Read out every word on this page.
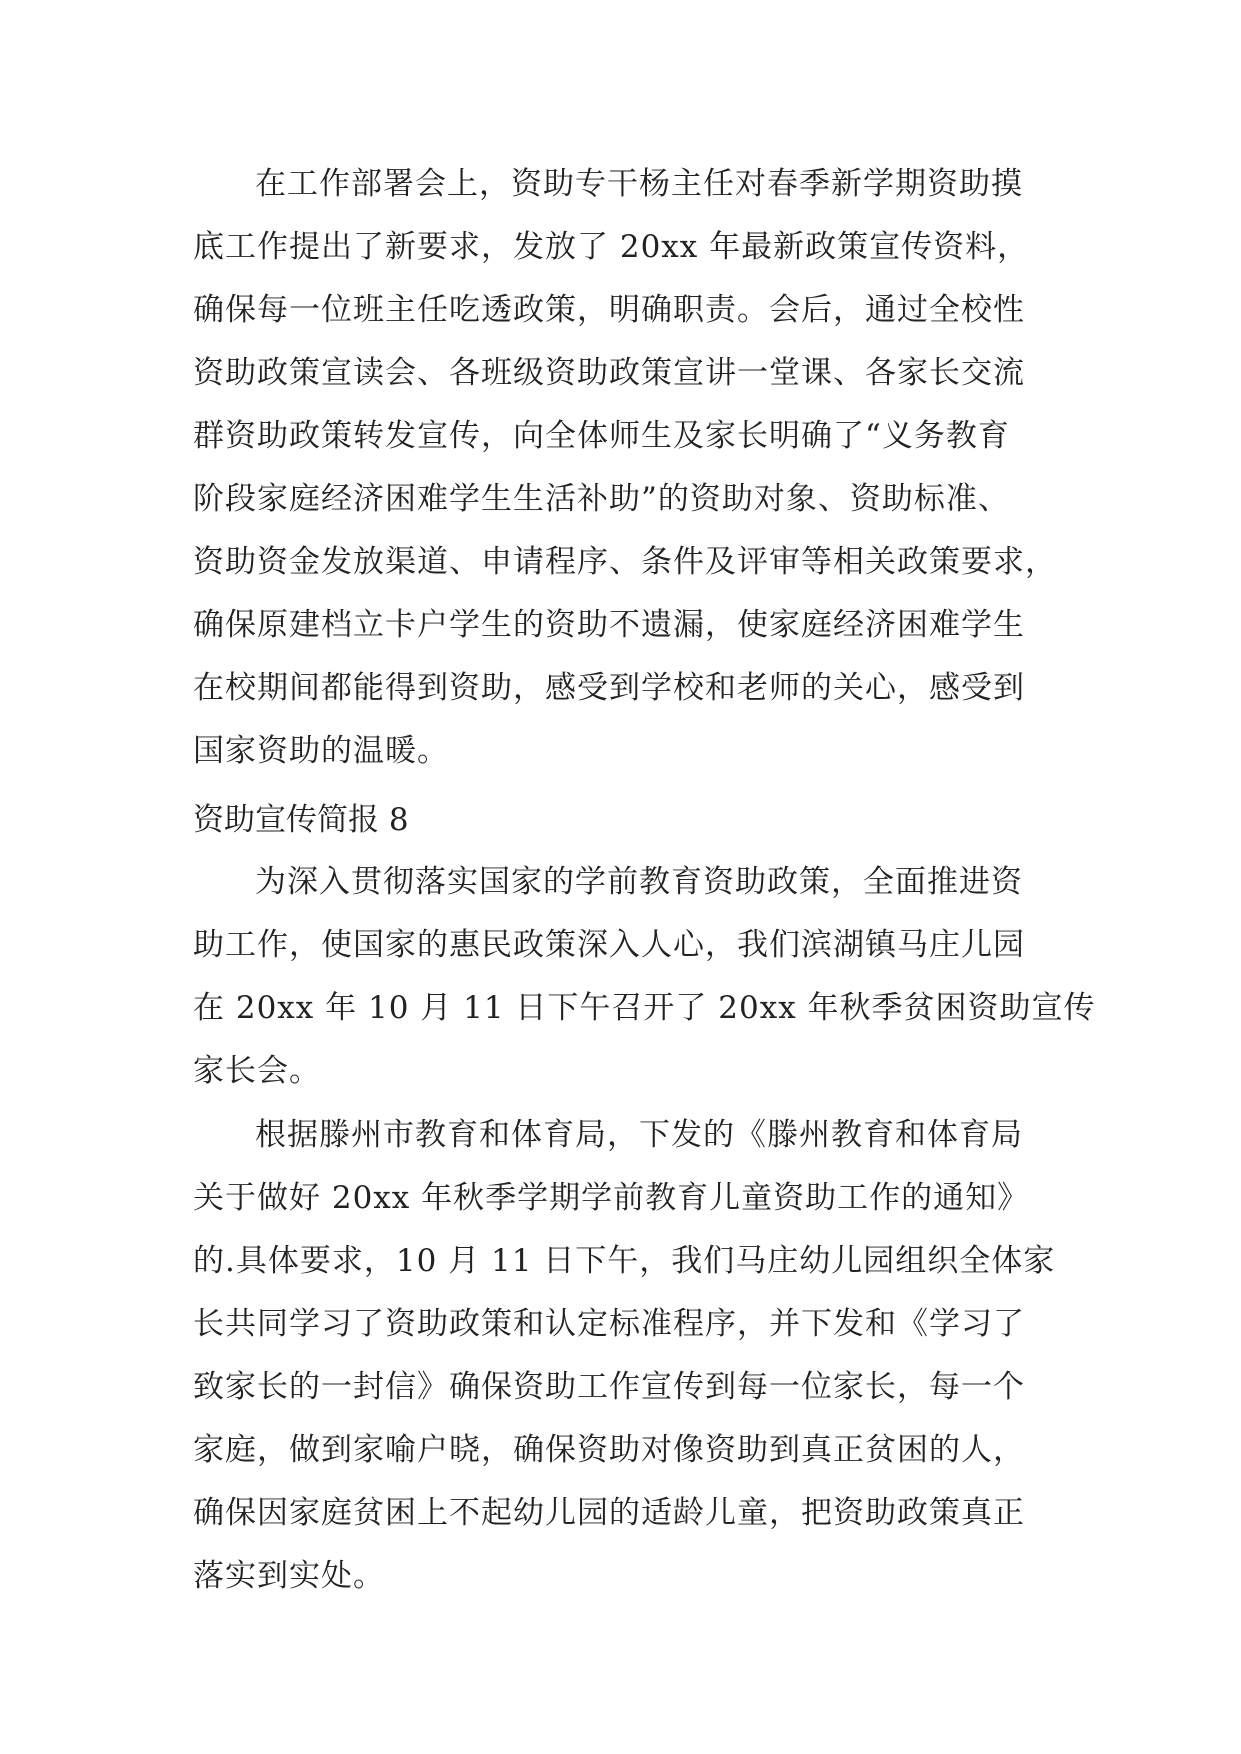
在工作部署会上，资助专干杨主任对春季新学期资助摸
底工作提出了新要求，发放了 20xx 年最新政策宣传资料，
确保每一位班主任吃透政策，明确职责。会后，通过全校性
资助政策宣读会、各班级资助政策宣讲一堂课、各家长交流
群资助政策转发宣传，向全体师生及家长明确了“义务教育
阶段家庭经济困难学生生活补助”的资助对象、资助标准、
资助资金发放渠道、申请程序、条件及评审等相关政策要求，
确保原建档立卡户学生的资助不遗漏，使家庭经济困难学生
在校期间都能得到资助，感受到学校和老师的关心，感受到
国家资助的温暖。
资助宣传简报 8
为深入贯彻落实国家的学前教育资助政策，全面推进资
助工作，使国家的惠民政策深入人心，我们滨湖镇马庄儿园
在 20xx 年 10 月 11 日下午召开了 20xx 年秋季贫困资助宣传
家长会。
根据滕州市教育和体育局，下发的《滕州教育和体育局
关于做好 20xx 年秋季学期学前教育儿童资助工作的通知》
的.具体要求，10 月 11 日下午，我们马庄幼儿园组织全体家
长共同学习了资助政策和认定标准程序，并下发和《学习了
致家长的一封信》确保资助工作宣传到每一位家长，每一个
家庭，做到家喻户晓，确保资助对像资助到真正贫困的人，
确保因家庭贫困上不起幼儿园的适龄儿童，把资助政策真正
落实到实处。
